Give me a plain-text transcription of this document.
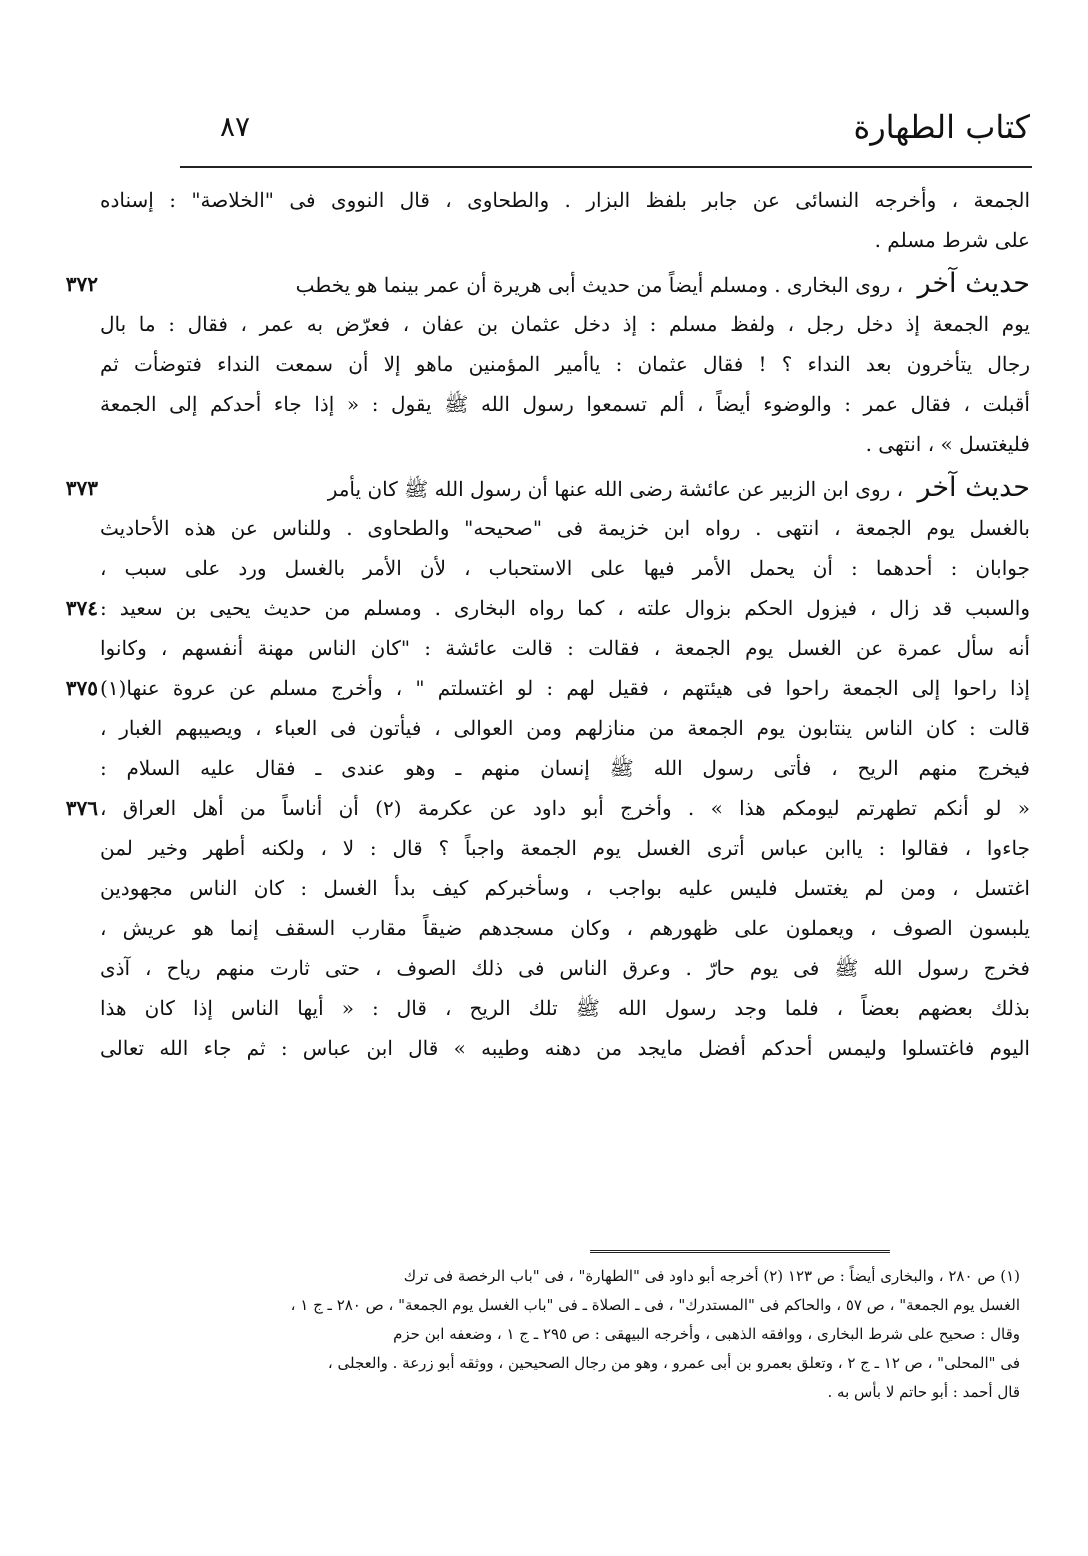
كتاب الطهارة
٨٧
الجمعة ، وأخرجه النسائى عن جابر بلفظ البزار . والطحاوى ، قال النووى فى "الخلاصة" : إسناده
على شرط مسلم .
٣٧٢	حديث آخر ، روى البخارى . ومسلم أيضاً من حديث أبى هريرة أن عمر بينما هو يخطب
يوم الجمعة إذ دخل رجل ، ولفظ مسلم : إذ دخل عثمان بن عفان ، فعرّض به عمر ، فقال : ما بال
رجال يتأخرون بعد النداء ؟ ! فقال عثمان : ياأمير المؤمنين ماهو إلا أن سمعت النداء فتوضأت ثم
أقبلت ، فقال عمر : والوضوء أيضاً ، ألم تسمعوا رسول الله ﷺ يقول : « إذا جاء أحدكم إلى الجمعة
فليغتسل » ، انتهى .
٣٧٣	حديث آخر ، روى ابن الزبير عن عائشة رضى الله عنها أن رسول الله ﷺ كان يأمر
بالغسل يوم الجمعة ، انتهى . رواه ابن خزيمة فى "صحيحه" والطحاوى . وللناس عن هذه الأحاديث
جوابان : أحدهما : أن يحمل الأمر فيها على الاستحباب ، لأن الأمر بالغسل ورد على سبب ،
٣٧٤ والسبب قد زال ، فيزول الحكم بزوال علته ، كما رواه البخارى . ومسلم من حديث يحيى بن سعيد :
أنه سأل عمرة عن الغسل يوم الجمعة ، فقالت : قالت عائشة : "كان الناس مهنة أنفسهم ، وكانوا
٣٧٥ إذا راحوا إلى الجمعة راحوا فى هيئتهم ، فقيل لهم : لو اغتسلتم " ، وأخرج مسلم عن عروة عنها(١)
قالت : كان الناس ينتابون يوم الجمعة من منازلهم ومن العوالى ، فيأتون فى العباء ، ويصيبهم الغبار ،
فيخرج منهم الريح ، فأتى رسول الله ﷺ إنسان منهم ـ وهو عندى ـ فقال عليه السلام :
٣٧٦ « لو أنكم تطهرتم ليومكم هذا » . وأخرج أبو داود عن عكرمة (٢) أن أناساً من أهل العراق ،
جاءوا ، فقالوا : ياابن عباس أترى الغسل يوم الجمعة واجباً ؟ قال : لا ، ولكنه أطهر وخير لمن
اغتسل ، ومن لم يغتسل فليس عليه بواجب ، وسأخبركم كيف بدأ الغسل : كان الناس مجهودين
يلبسون الصوف ، ويعملون على ظهورهم ، وكان مسجدهم ضيقاً مقارب السقف إنما هو عريش ،
فخرج رسول الله ﷺ فى يوم حارّ . وعرق الناس فى ذلك الصوف ، حتى ثارت منهم رياح ، آذى
بذلك بعضهم بعضاً ، فلما وجد رسول الله ﷺ تلك الريح ، قال : « أيها الناس إذا كان هذا
اليوم فاغتسلوا وليمس أحدكم أفضل مايجد من دهنه وطيبه » قال ابن عباس : ثم جاء الله تعالى
(١) ص ٢٨٠ ، والبخارى أيضاً : ص ١٢٣ (٢) أخرجه أبو داود فى "الطهارة" ، فى "باب الرخصة فى ترك
الغسل يوم الجمعة" ، ص ٥٧ ، والحاكم فى "المستدرك" ، فى ـ الصلاة ـ فى "باب الغسل يوم الجمعة" ، ص ٢٨٠ ـ ج ١ ،
وقال : صحيح على شرط البخارى ، ووافقه الذهبى ، وأخرجه البيهقى : ص ٢٩٥ ـ ج ١ ، وضعفه ابن حزم
فى "المحلى" ، ص ١٢ ـ ج ٢ ، وتعلق بعمرو بن أبى عمرو ، وهو من رجال الصحيحين ، ووثقه أبو زرعة . والعجلى ،
قال أحمد : أبو حاتم لا بأس به .
